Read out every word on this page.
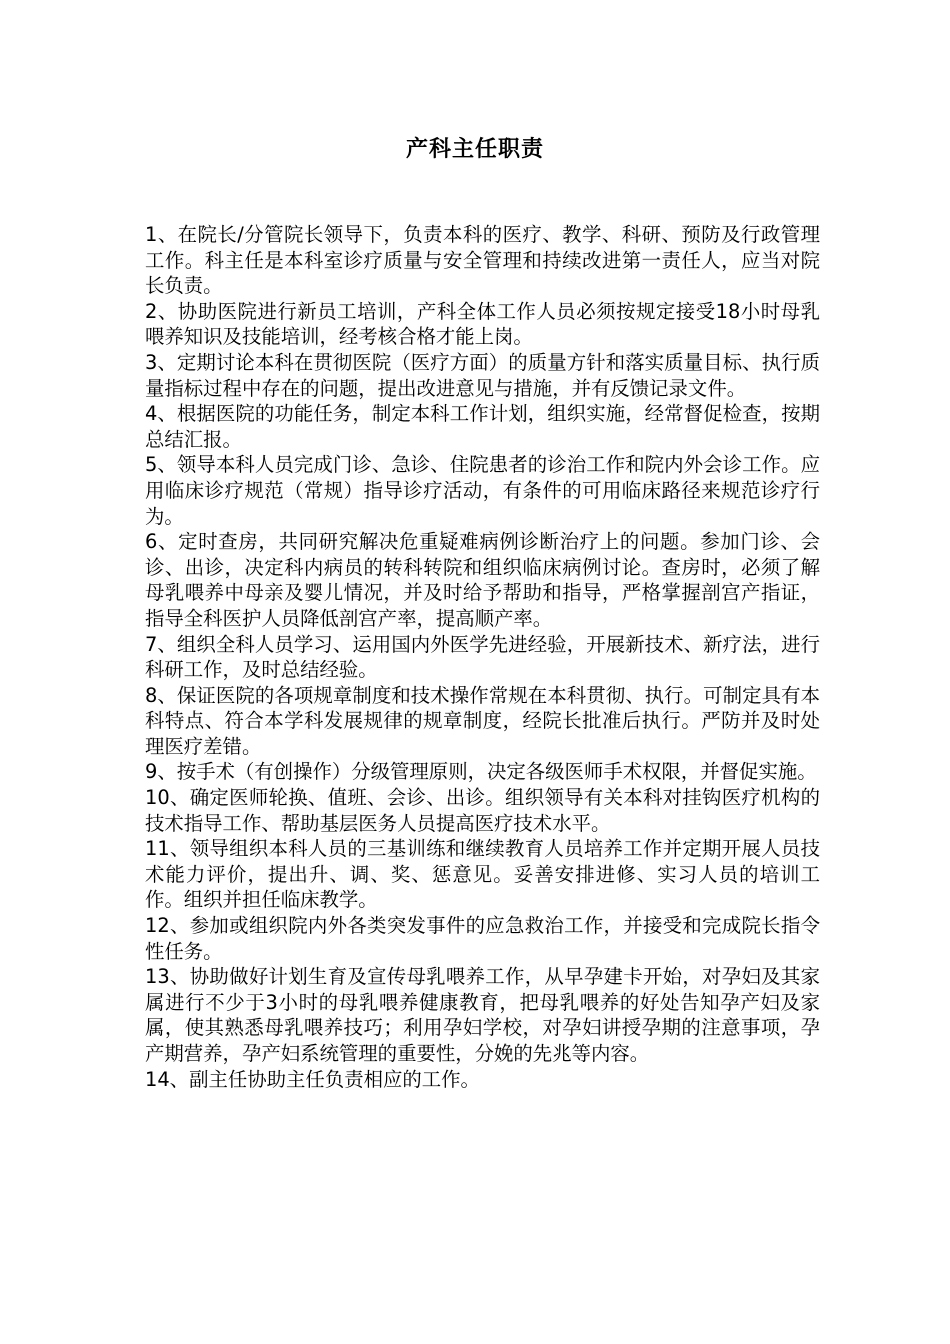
产科主任职责

1、在院长/分管院长领导下，负责本科的医疗、教学、科研、预防及行政管理工作。科主任是本科室诊疗质量与安全管理和持续改进第一责任人，应当对院长负责。

2、协助医院进行新员工培训，产科全体工作人员必须按规定接受18小时母乳喂养知识及技能培训，经考核合格才能上岗。

3、定期讨论本科在贯彻医院（医疗方面）的质量方针和落实质量目标、执行质量指标过程中存在的问题，提出改进意见与措施，并有反馈记录文件。

4、根据医院的功能任务，制定本科工作计划，组织实施，经常督促检查，按期总结汇报。

5、领导本科人员完成门诊、急诊、住院患者的诊治工作和院内外会诊工作。应用临床诊疗规范（常规）指导诊疗活动，有条件的可用临床路径来规范诊疗行为。

6、定时查房，共同研究解决危重疑难病例诊断治疗上的问题。参加门诊、会诊、出诊，决定科内病员的转科转院和组织临床病例讨论。查房时，必须了解母乳喂养中母亲及婴儿情况，并及时给予帮助和指导，严格掌握剖宫产指证，指导全科医护人员降低剖宫产率，提高顺产率。

7、组织全科人员学习、运用国内外医学先进经验，开展新技术、新疗法，进行科研工作，及时总结经验。

8、保证医院的各项规章制度和技术操作常规在本科贯彻、执行。可制定具有本科特点、符合本学科发展规律的规章制度，经院长批准后执行。严防并及时处理医疗差错。

9、按手术（有创操作）分级管理原则，决定各级医师手术权限，并督促实施。

10、确定医师轮换、值班、会诊、出诊。组织领导有关本科对挂钩医疗机构的技术指导工作、帮助基层医务人员提高医疗技术水平。

11、领导组织本科人员的三基训练和继续教育人员培养工作并定期开展人员技术能力评价，提出升、调、奖、惩意见。妥善安排进修、实习人员的培训工作。组织并担任临床教学。

12、参加或组织院内外各类突发事件的应急救治工作，并接受和完成院长指令性任务。

13、协助做好计划生育及宣传母乳喂养工作，从早孕建卡开始，对孕妇及其家属进行不少于3小时的母乳喂养健康教育，把母乳喂养的好处告知孕产妇及家属，使其熟悉母乳喂养技巧；利用孕妇学校，对孕妇讲授孕期的注意事项，孕产期营养，孕产妇系统管理的重要性，分娩的先兆等内容。

14、副主任协助主任负责相应的工作。
